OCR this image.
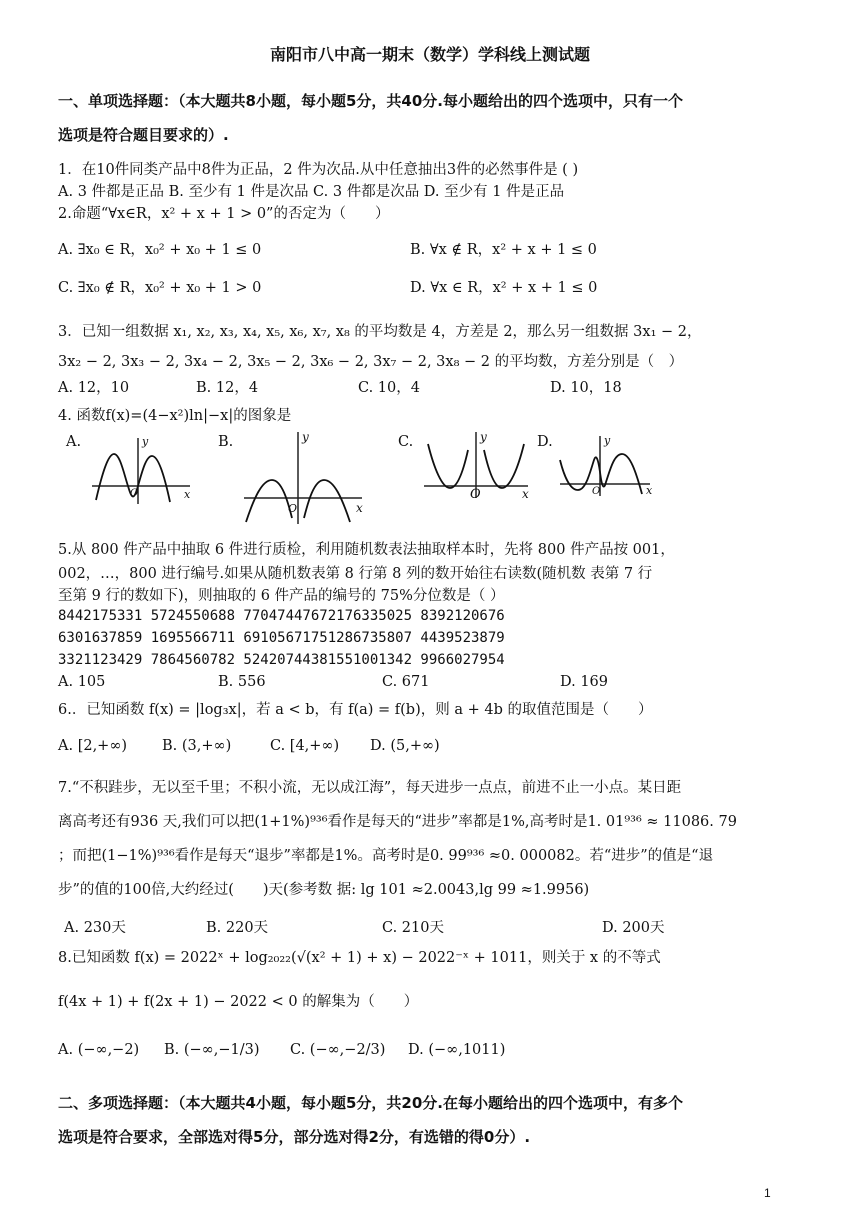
南阳市八中高一期末（数学）学科线上测试题
一、单项选择题：（本大题共8小题，每小题5分，共40分.每小题给出的四个选项中，只有一个
选项是符合题目要求的）.
1．在10件同类产品中8件为正品，2 件为次品.从中任意抽出3件的必然事件是 ( )
A. 3 件都是正品 B. 至少有 1 件是次品 C. 3 件都是次品 D. 至少有 1 件是正品
2.命题“∀x∈R，x² + x + 1 > 0”的否定为（　　）
A. ∃x₀ ∈ R，x₀² + x₀ + 1 ≤ 0	B. ∀x ∉ R，x² + x + 1 ≤ 0
C. ∃x₀ ∉ R，x₀² + x₀ + 1 > 0	D. ∀x ∈ R，x² + x + 1 ≤ 0
3．已知一组数据 x₁, x₂, x₃, x₄, x₅, x₆, x₇, x₈ 的平均数是 4，方差是 2，那么另一组数据 3x₁ − 2，
3x₂ − 2, 3x₃ − 2, 3x₄ − 2, 3x₅ − 2, 3x₆ − 2, 3x₇ − 2, 3x₈ − 2 的平均数，方差分别是（　）
A. 12，10	B. 12，4	C. 10，4	D. 10，18
4. 函数f(x)=(4−x²)ln|−x|的图象是
A.	y
x
O
B.	y
x
O
C.	y
x
O
D.	y
x
O
5.从 800 件产品中抽取 6 件进行质检，利用随机数表法抽取样本时，先将 800 件产品按 001，
002，…，800 进行编号.如果从随机数表第 8 行第 8 列的数开始往右读数(随机数 表第 7 行
至第 9 行的数如下)，则抽取的 6 件产品的编号的 75%分位数是（ ）
8442175331 5724550688 77047447672176335025 8392120676
6301637859 1695566711 69105671751286735807 4439523879
3321123429 7864560782 52420744381551001342 9966027954
A. 105	B. 556	C. 671	D. 169
6.．已知函数 f(x) = |log₃x|，若 a < b，有 f(a) = f(b)，则 a + 4b 的取值范围是（　　）
A. [2,+∞) B. (3,+∞)	C. [4,+∞) D. (5,+∞)
7.“不积跬步，无以至千里；不积小流，无以成江海”，每天进步一点点，前进不止一小点。某日距
离高考还有936 天,我们可以把(1+1%)⁹³⁶看作是每天的“进步”率都是1%,高考时是1. 01⁹³⁶ ≈ 11086. 79
；而把(1−1%)⁹³⁶看作是每天“退步”率都是1%。高考时是0. 99⁹³⁶ ≈0. 000082。若“进步”的值是“退
步”的值的100倍,大约经过(　　)天(参考数 据: lg 101 ≈2.0043,lg 99 ≈1.9956)
A. 230天	B. 220天	C. 210天	D. 200天
8.已知函数 f(x) = 2022ˣ + log₂₀₂₂(√(x² + 1) + x) − 2022⁻ˣ + 1011，则关于 x 的不等式
f(4x + 1) + f(2x + 1) − 2022 < 0 的解集为（　　）
A. (−∞,−2) B. (−∞,−1/3) C. (−∞,−2/3) D. (−∞,1011)
二、多项选择题：（本大题共4小题，每小题5分，共20分.在每小题给出的四个选项中，有多个
选项是符合要求，全部选对得5分，部分选对得2分，有选错的得0分）.
1
